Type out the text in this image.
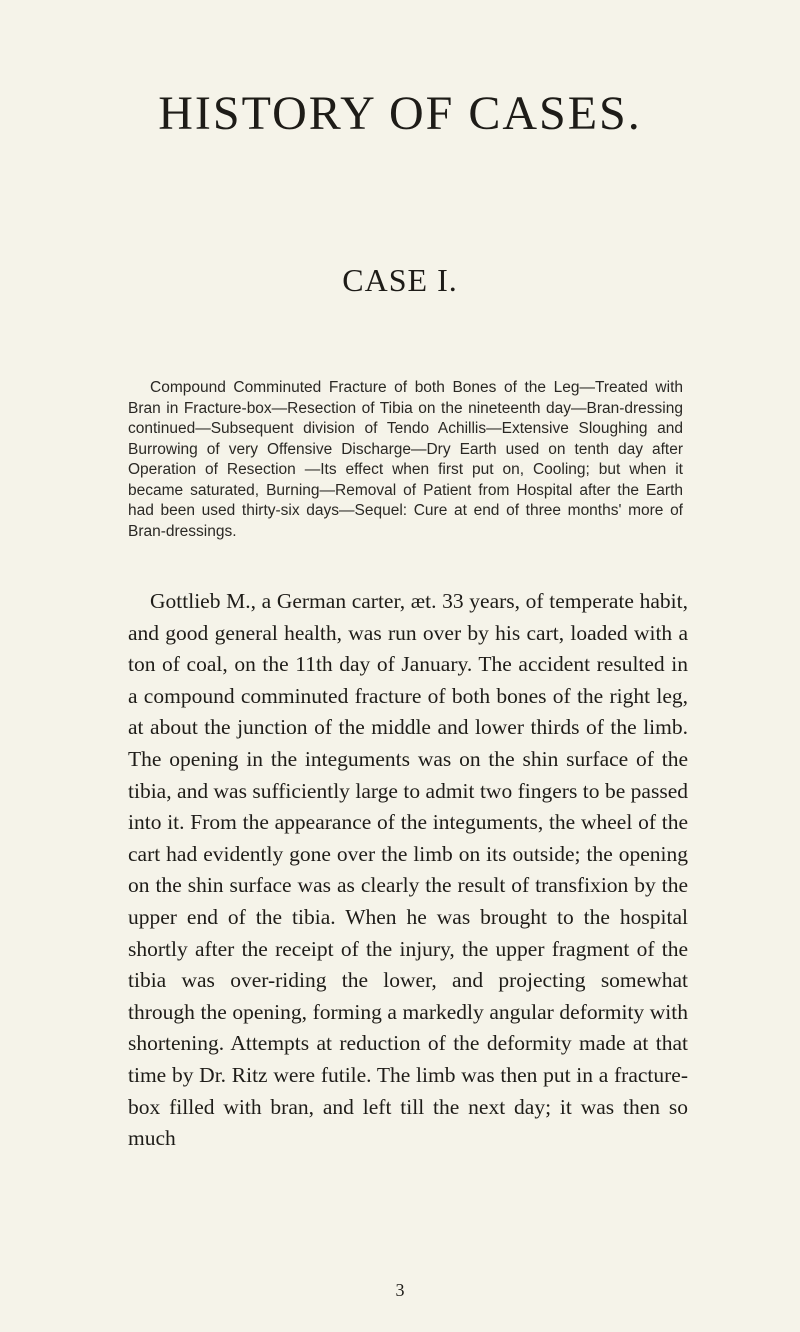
HISTORY OF CASES.
CASE I.

Compound Comminuted Fracture of both Bones of the Leg—Treated with Bran in Fracture-box—Resection of Tibia on the nineteenth day—Bran-dressing continued—Subsequent division of Tendo Achillis—Extensive Sloughing and Burrowing of very Offensive Discharge—Dry Earth used on tenth day after Operation of Resection —Its effect when first put on, Cooling; but when it became saturated, Burning—Removal of Patient from Hospital after the Earth had been used thirty-six days—Sequel: Cure at end of three months' more of Bran-dressings.

Gottlieb M., a German carter, æt. 33 years, of temperate habit, and good general health, was run over by his cart, loaded with a ton of coal, on the 11th day of January. The accident resulted in a compound comminuted fracture of both bones of the right leg, at about the junction of the middle and lower thirds of the limb. The opening in the integuments was on the shin surface of the tibia, and was sufficiently large to admit two fingers to be passed into it. From the appearance of the integuments, the wheel of the cart had evidently gone over the limb on its outside; the opening on the shin surface was as clearly the result of transfixion by the upper end of the tibia. When he was brought to the hospital shortly after the receipt of the injury, the upper fragment of the tibia was over-riding the lower, and projecting somewhat through the opening, forming a markedly angular deformity with shortening. Attempts at reduction of the deformity made at that time by Dr. Ritz were futile. The limb was then put in a fracture-box filled with bran, and left till the next day; it was then so much

3
